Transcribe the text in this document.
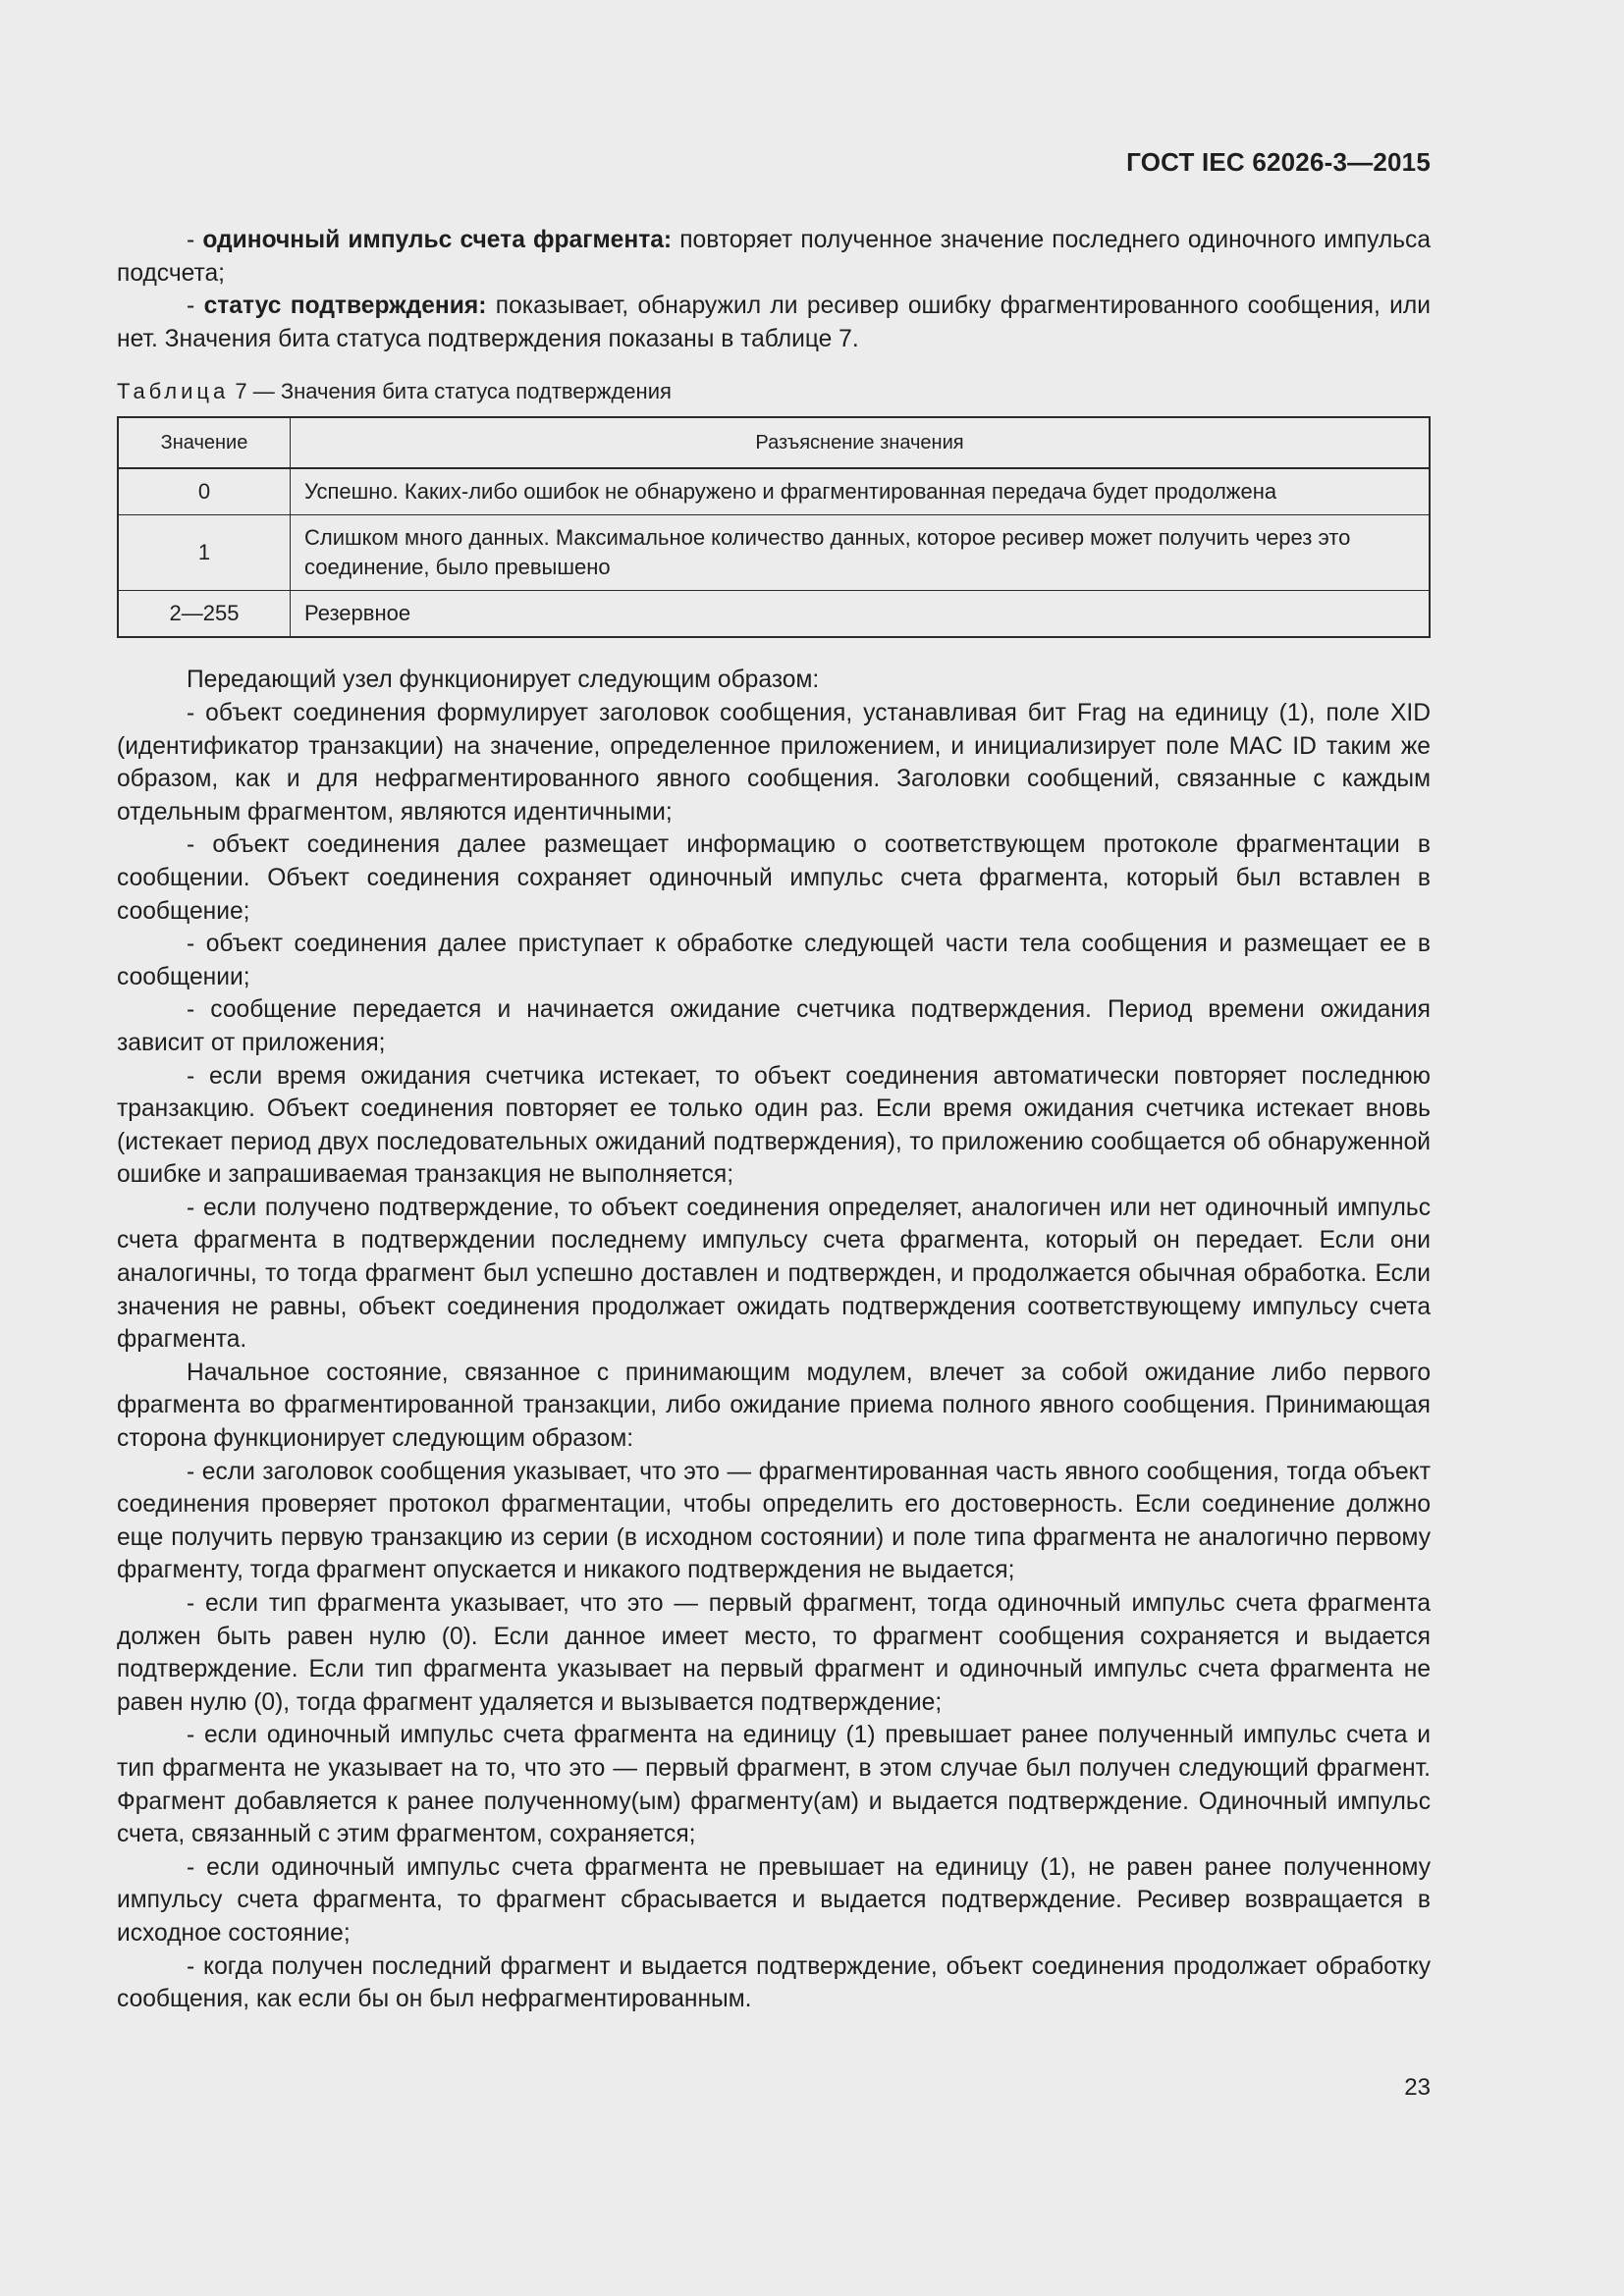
ГОСТ IEC 62026-3—2015

- одиночный импульс счета фрагмента: повторяет полученное значение последнего одиночного импульса подсчета;

- статус подтверждения: показывает, обнаружил ли ресивер ошибку фрагментированного сообщения, или нет. Значения бита статуса подтверждения показаны в таблице 7.

Таблица 7 — Значения бита статуса подтверждения
Значение	Разъяснение значения
0	Успешно. Каких-либо ошибок не обнаружено и фрагментированная передача будет продолжена
1	Слишком много данных. Максимальное количество данных, которое ресивер может получить через это соединение, было превышено
2—255	Резервное

Передающий узел функционирует следующим образом:

- объект соединения формулирует заголовок сообщения, устанавливая бит Frag на единицу (1), поле XID (идентификатор транзакции) на значение, определенное приложением, и инициализирует поле MAC ID таким же образом, как и для нефрагментированного явного сообщения. Заголовки сообщений, связанные с каждым отдельным фрагментом, являются идентичными;

- объект соединения далее размещает информацию о соответствующем протоколе фрагментации в сообщении. Объект соединения сохраняет одиночный импульс счета фрагмента, который был вставлен в сообщение;

- объект соединения далее приступает к обработке следующей части тела сообщения и размещает ее в сообщении;

- сообщение передается и начинается ожидание счетчика подтверждения. Период времени ожидания зависит от приложения;

- если время ожидания счетчика истекает, то объект соединения автоматически повторяет последнюю транзакцию. Объект соединения повторяет ее только один раз. Если время ожидания счетчика истекает вновь (истекает период двух последовательных ожиданий подтверждения), то приложению сообщается об обнаруженной ошибке и запрашиваемая транзакция не выполняется;

- если получено подтверждение, то объект соединения определяет, аналогичен или нет одиночный импульс счета фрагмента в подтверждении последнему импульсу счета фрагмента, который он передает. Если они аналогичны, то тогда фрагмент был успешно доставлен и подтвержден, и продолжается обычная обработка. Если значения не равны, объект соединения продолжает ожидать подтверждения соответствующему импульсу счета фрагмента.

Начальное состояние, связанное с принимающим модулем, влечет за собой ожидание либо первого фрагмента во фрагментированной транзакции, либо ожидание приема полного явного сообщения. Принимающая сторона функционирует следующим образом:

- если заголовок сообщения указывает, что это — фрагментированная часть явного сообщения, тогда объект соединения проверяет протокол фрагментации, чтобы определить его достоверность. Если соединение должно еще получить первую транзакцию из серии (в исходном состоянии) и поле типа фрагмента не аналогично первому фрагменту, тогда фрагмент опускается и никакого подтверждения не выдается;

- если тип фрагмента указывает, что это — первый фрагмент, тогда одиночный импульс счета фрагмента должен быть равен нулю (0). Если данное имеет место, то фрагмент сообщения сохраняется и выдается подтверждение. Если тип фрагмента указывает на первый фрагмент и одиночный импульс счета фрагмента не равен нулю (0), тогда фрагмент удаляется и вызывается подтверждение;

- если одиночный импульс счета фрагмента на единицу (1) превышает ранее полученный импульс счета и тип фрагмента не указывает на то, что это — первый фрагмент, в этом случае был получен следующий фрагмент. Фрагмент добавляется к ранее полученному(ым) фрагменту(ам) и выдается подтверждение. Одиночный импульс счета, связанный с этим фрагментом, сохраняется;

- если одиночный импульс счета фрагмента не превышает на единицу (1), не равен ранее полученному импульсу счета фрагмента, то фрагмент сбрасывается и выдается подтверждение. Ресивер возвращается в исходное состояние;

- когда получен последний фрагмент и выдается подтверждение, объект соединения продолжает обработку сообщения, как если бы он был нефрагментированным.

23
